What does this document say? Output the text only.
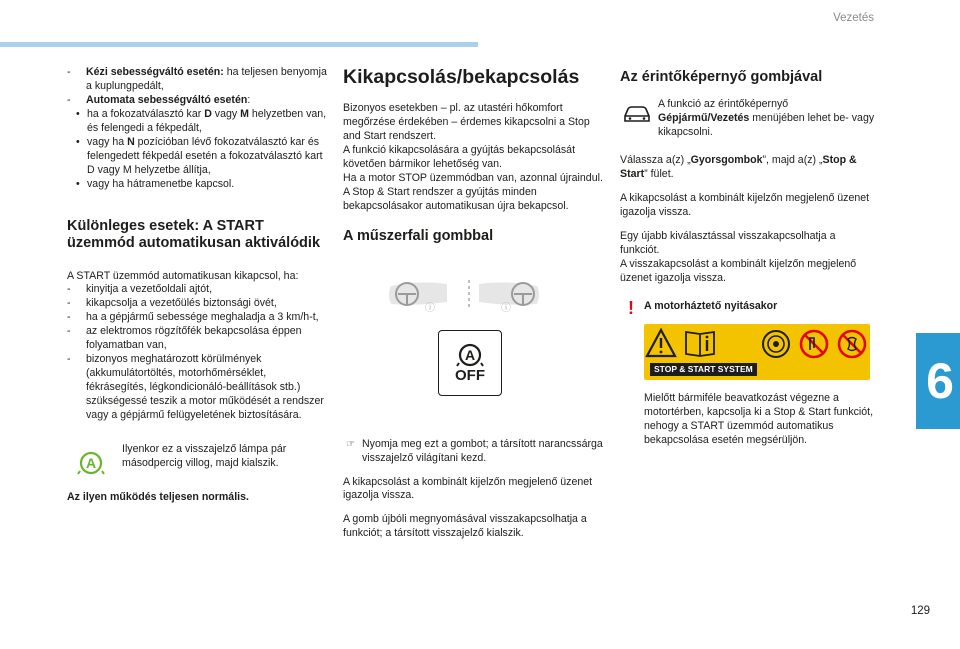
Vezetés
6
129
- Kézi sebességváltó esetén: ha teljesen benyomja a kuplungpedált,
- Automata sebességváltó esetén:
• ha a fokozatválasztó kar D vagy M helyzetben van, és felengedi a fékpedált,
• vagy ha N pozícióban lévő fokozatválasztó kar és felengedett fékpedál esetén a fokozatválasztó kart D vagy M helyzetbe állítja,
• vagy ha hátramenetbe kapcsol.
Különleges esetek: A START üzemmód automatikusan aktiválódik

A START üzemmód automatikusan kikapcsol, ha:

- kinyitja a vezetőoldali ajtót,
- kikapcsolja a vezetőülés biztonsági övét,
- ha a gépjármű sebessége meghaladja a 3 km/h-t,
- az elektromos rögzítőfék bekapcsolása éppen folyamatban van,
- bizonyos meghatározott körülmények (akkumulátortöltés, motorhőmérséklet, fékrásegítés, légkondicionáló-beállítások stb.) szükségessé teszik a motor működését a rendszer vagy a gépjármű felügyeletének biztosítására.
A

Ilyenkor ez a visszajelző lámpa pár másodpercig villog, majd kialszik.

Az ilyen működés teljesen normális.

Kikapcsolás/bekapcsolás

Bizonyos esetekben – pl. az utastéri hőkomfort megőrzése érdekében – érdemes kikapcsolni a Stop and Start rendszert.
A funkció kikapcsolására a gyújtás bekapcsolását követően bármikor lehetőség van.
Ha a motor STOP üzemmódban van, azonnal újraindul.
A Stop & Start rendszer a gyújtás minden bekapcsolásakor automatikusan újra bekapcsol.

A műszerfali gombbal
ⓘ	ⓘ
A
OFF
☞ Nyomja meg ezt a gombot; a társított narancssárga visszajelző világítani kezd.

A kikapcsolást a kombinált kijelzőn megjelenő üzenet igazolja vissza.

A gomb újbóli megnyomásával visszakapcsolhatja a funkciót; a társított visszajelző kialszik.

Az érintőképernyő gombjával

A funkció az érintőképernyő Gépjármű/Vezetés menüjében lehet be- vagy kikapcsolni.

Válassza a(z) „Gyorsgombok”, majd a(z) „Stop & Start” fület.

A kikapcsolást a kombinált kijelzőn megjelenő üzenet igazolja vissza.

Egy újabb kiválasztással visszakapcsolhatja a funkciót.
A visszakapcsolást a kombinált kijelzőn megjelenő üzenet igazolja vissza.

! A motorháztető nyitásakor
STOP & START SYSTEM

Mielőtt bármiféle beavatkozást végezne a motortérben, kapcsolja ki a Stop & Start funkciót, nehogy a START üzemmód automatikus bekapcsolása esetén megsérüljön.
